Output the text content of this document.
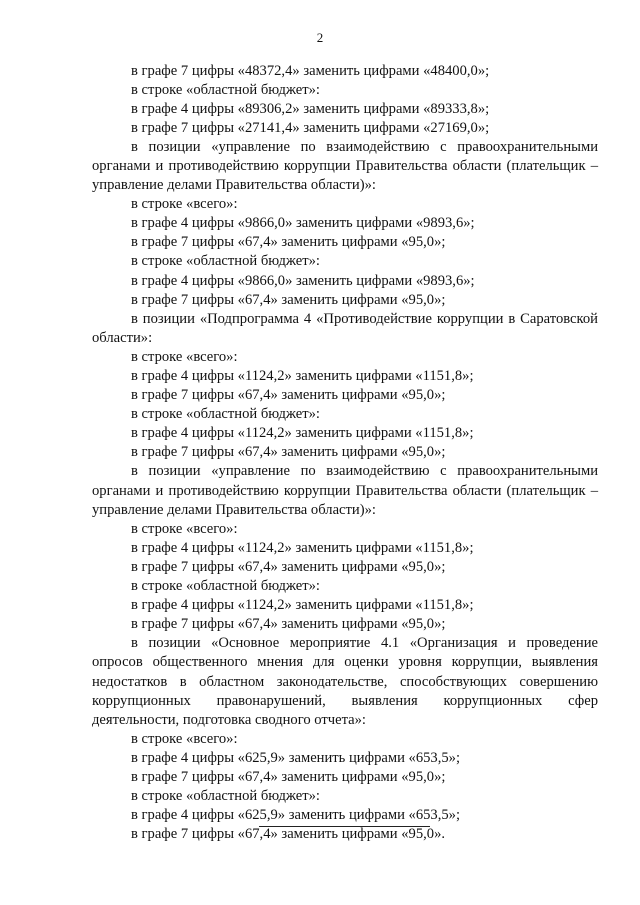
2
в графе 7 цифры «48372,4» заменить цифрами «48400,0»;
в строке «областной бюджет»:
в графе 4 цифры «89306,2» заменить цифрами «89333,8»;
в графе 7 цифры «27141,4» заменить цифрами «27169,0»;
в позиции «управление по взаимодействию с правоохранительными
органами и противодействию коррупции Правительства области (плательщик –
управление делами Правительства области)»:
в строке «всего»:
в графе 4 цифры «9866,0» заменить цифрами «9893,6»;
в графе 7 цифры «67,4» заменить цифрами «95,0»;
в строке «областной бюджет»:
в графе 4 цифры «9866,0» заменить цифрами «9893,6»;
в графе 7 цифры «67,4» заменить цифрами «95,0»;
в позиции «Подпрограмма 4 «Противодействие коррупции в Саратовской
области»:
в строке «всего»:
в графе 4 цифры «1124,2» заменить цифрами «1151,8»;
в графе 7 цифры «67,4» заменить цифрами «95,0»;
в строке «областной бюджет»:
в графе 4 цифры «1124,2» заменить цифрами «1151,8»;
в графе 7 цифры «67,4» заменить цифрами «95,0»;
в позиции «управление по взаимодействию с правоохранительными
органами и противодействию коррупции Правительства области (плательщик –
управление делами Правительства области)»:
в строке «всего»:
в графе 4 цифры «1124,2» заменить цифрами «1151,8»;
в графе 7 цифры «67,4» заменить цифрами «95,0»;
в строке «областной бюджет»:
в графе 4 цифры «1124,2» заменить цифрами «1151,8»;
в графе 7 цифры «67,4» заменить цифрами «95,0»;
в позиции «Основное мероприятие 4.1 «Организация и проведение
опросов общественного мнения для оценки уровня коррупции, выявления
недостатков в областном законодательстве, способствующих совершению
коррупционных правонарушений, выявления коррупционных сфер
деятельности, подготовка сводного отчета»:
в строке «всего»:
в графе 4 цифры «625,9» заменить цифрами «653,5»;
в графе 7 цифры «67,4» заменить цифрами «95,0»;
в строке «областной бюджет»:
в графе 4 цифры «625,9» заменить цифрами «653,5»;
в графе 7 цифры «67,4» заменить цифрами «95,0».
